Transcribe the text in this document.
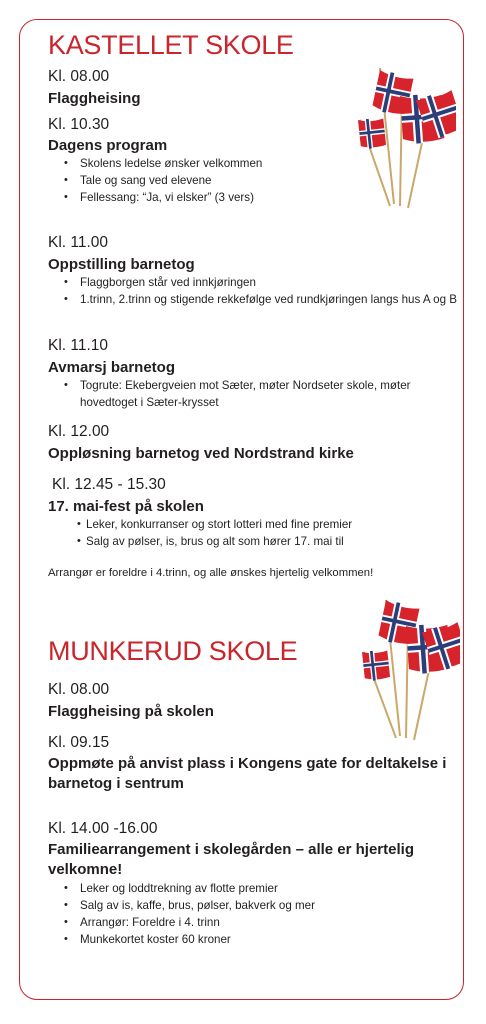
KASTELLET SKOLE
Kl. 08.00
Flaggheising
Kl. 10.30
Dagens program
• Skolens ledelse ønsker velkommen
• Tale og sang ved elevene
• Fellessang: “Ja, vi elsker” (3 vers)
Kl. 11.00
Oppstilling barnetog
• Flaggborgen står ved innkjøringen
• 1.trinn, 2.trinn og stigende rekkefølge ved rundkjøringen langs hus A og B
Kl. 11.10
Avmarsj barnetog
• Togrute: Ekebergveien mot Sæter, møter Nordseter skole, møter hovedtoget i Sæter-krysset
Kl. 12.00
Oppløsning barnetog ved Nordstrand kirke
Kl. 12.45 - 15.30
17. mai-fest på skolen
• Leker, konkurranser og stort lotteri med fine premier
• Salg av pølser, is, brus og alt som hører 17. mai til
Arrangør er foreldre i 4.trinn, og alle ønskes hjertelig velkommen!
MUNKERUD SKOLE
Kl. 08.00
Flaggheising på skolen
Kl. 09.15
Oppmøte på anvist plass i Kongens gate for deltakelse i barnetog i sentrum
Kl. 14.00 -16.00
Familiearrangement i skolegården – alle er hjertelig velkomne!
• Leker og loddtrekning av flotte premier
• Salg av is, kaffe, brus, pølser, bakverk og mer
• Arrangør: Foreldre i 4. trinn
• Munkekortet koster 60 kroner
